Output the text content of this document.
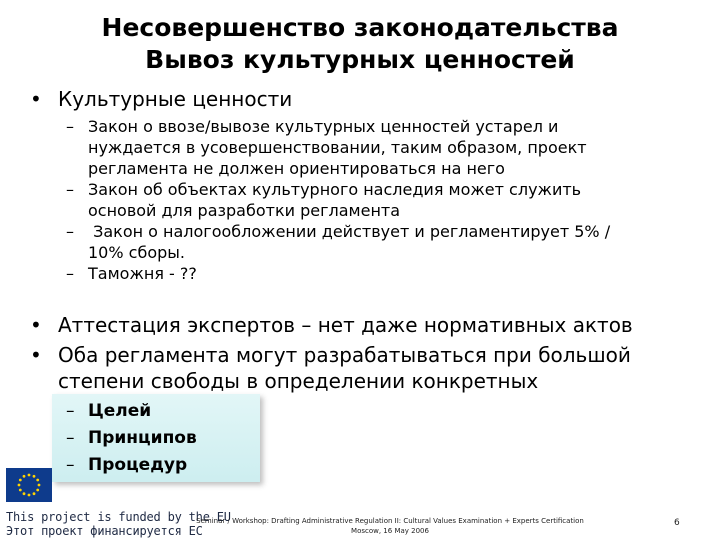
Несовершенство законодательства
Вывоз культурных ценностей
• Культурные ценности
– Закон о ввозе/вывозе культурных ценностей устарел и
нуждается в усовершенствовании, таким образом, проект
регламента не должен ориентироваться на него
– Закон об объектах культурного наследия может служить
основой для разработки регламента
– Закон о налогообложении действует и регламентирует 5% /
10% сборы.
– Таможня - ??
• Аттестация экспертов – нет даже нормативных актов
• Оба регламента могут разрабатываться при большой
степени свободы в определении конкретных
– Целей
– Принципов
– Процедур
This project is funded by the EU
Этот проект финансируется ЕС
Seminar / Workshop: Drafting Administrative Regulation II: Cultural Values Examination + Experts Certification
Moscow, 16 May 2006
6
